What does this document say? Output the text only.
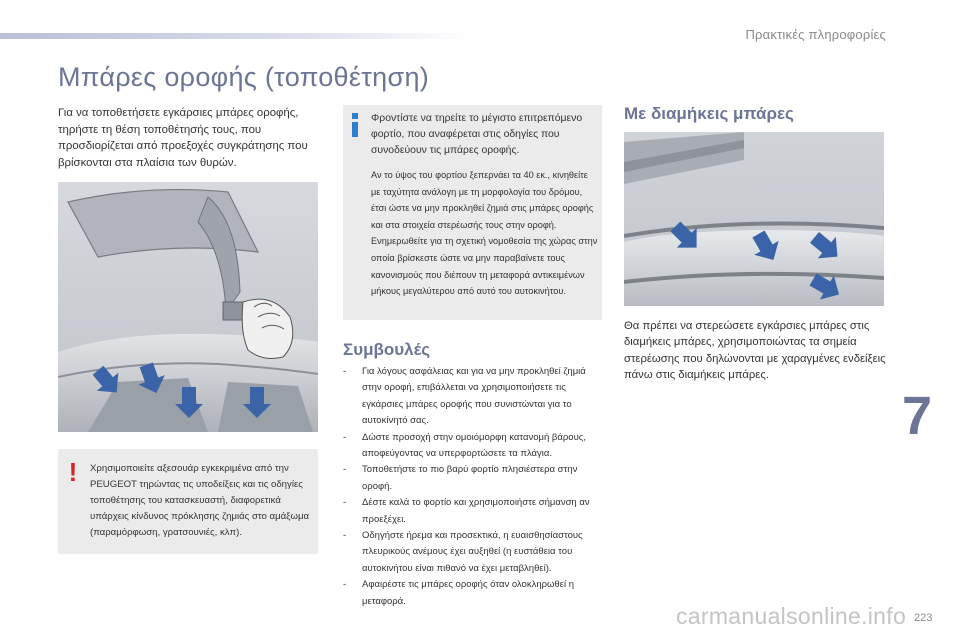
Πρακτικές πληροφορίες
Μπάρες οροφής (τοποθέτηση)

Για να τοποθετήσετε εγκάρσιες μπάρες οροφής, τηρήστε τη θέση τοποθέτησής τους, που προσδιορίζεται από προεξοχές συγκράτησης που βρίσκονται στα πλαίσια των θυρών.

! Χρησιμοποιείτε αξεσουάρ εγκεκριμένα από την PEUGEOT τηρώντας τις υποδείξεις και τις οδηγίες τοποθέτησης του κατασκευαστή, διαφορετικά υπάρχεις κίνδυνος πρόκλησης ζημιάς στο αμάξωμα (παραμόρφωση, γρατσουνιές, κλπ).

Φροντίστε να τηρείτε το μέγιστο επιτρεπόμενο φορτίο, που αναφέρεται στις οδηγίες που συνοδεύουν τις μπάρες οροφής.

Αν το ύψος του φορτίου ξεπερνάει τα 40 εκ., κινηθείτε με ταχύτητα ανάλογη με τη μορφολογία του δρόμου, έτσι ώστε να μην προκληθεί ζημιά στις μπάρες οροφής και στα στοιχεία στερέωσής τους στην οροφή.
Ενημερωθείτε για τη σχετική νομοθεσία της χώρας στην οποία βρίσκεστε ώστε να μην παραβαίνετε τους κανονισμούς που διέπουν τη μεταφορά αντικειμένων μήκους μεγαλύτερου από αυτό του αυτοκινήτου.
Συμβουλές
- Για λόγους ασφάλειας και για να μην προκληθεί ζημιά στην οροφή, επιβάλλεται να χρησιμοποιήσετε τις εγκάρσιες μπάρες οροφής που συνιστώνται για το αυτοκίνητό σας.
- Δώστε προσοχή στην ομοιόμορφη κατανομή βάρους, αποφεύγοντας να υπερφορτώσετε τα πλάγια.
- Τοποθετήστε το πιο βαρύ φορτίο πλησιέστερα στην οροφή.
- Δέστε καλά το φορτίο και χρησιμοποιήστε σήμανση αν προεξέχει.
- Οδηγήστε ήρεμα και προσεκτικά, η ευαισθησίαστους πλευρικούς ανέμους έχει αυξηθεί (η ευστάθεια του αυτοκινήτου είναι πιθανό να έχει μεταβληθεί).
- Αφαιρέστε τις μπάρες οροφής όταν ολοκληρωθεί η μεταφορά.
Με διαμήκεις μπάρες

Θα πρέπει να στερεώσετε εγκάρσιες μπάρες στις διαμήκεις μπάρες, χρησιμοποιώντας τα σημεία στερέωσης που δηλώνονται με χαραγμένες ενδείξεις πάνω στις διαμήκεις μπάρες.

7
carmanualsonline.info 223
